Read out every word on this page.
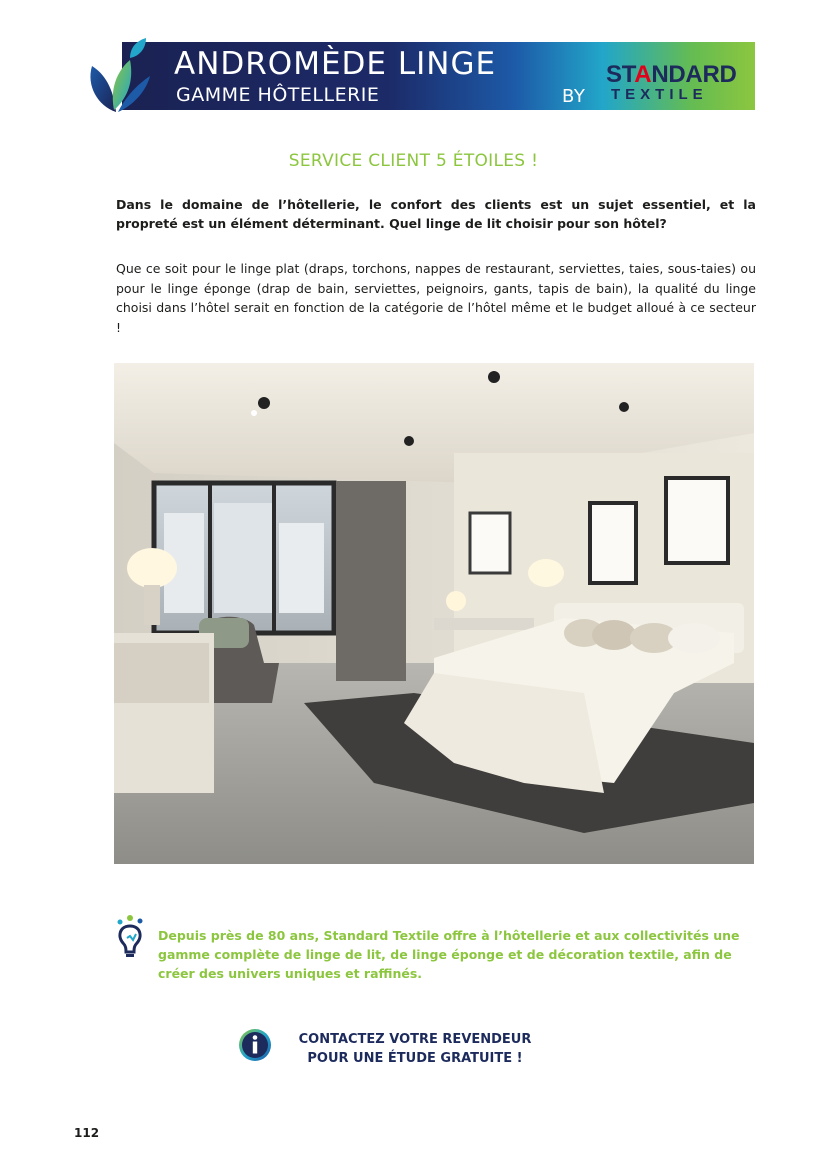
ANDROMÈDE LINGE
GAMME HÔTELLERIE	BY
STANDARD
TEXTILE
SERVICE CLIENT 5 ÉTOILES !
Dans le domaine de l’hôtellerie, le confort des clients est un sujet essentiel, et la propreté est un élément déterminant. Quel linge de lit choisir pour son hôtel?
Que ce soit pour le linge plat (draps, torchons, nappes de restaurant, serviettes, taies, sous-taies) ou pour le linge éponge (drap de bain, serviettes, peignoirs, gants, tapis de bain), la qualité du linge choisi dans l’hôtel serait en fonction de la catégorie de l’hôtel même et le budget alloué à ce secteur !
Depuis près de 80 ans, Standard Textile offre à l’hôtellerie et aux collectivités une gamme complète de linge de lit, de linge éponge et de décoration textile, afin de créer des univers uniques et raffinés.
CONTACTEZ VOTRE REVENDEUR
POUR UNE ÉTUDE GRATUITE !
112
